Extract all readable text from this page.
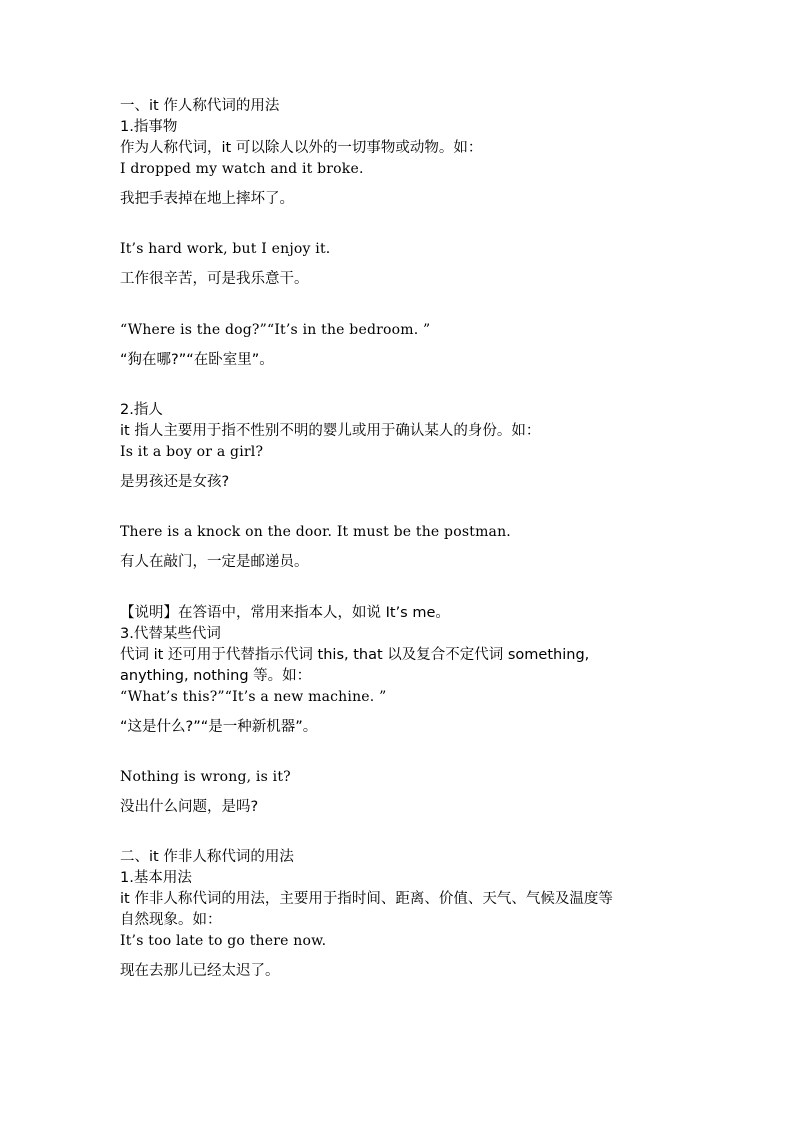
一、it 作人称代词的用法
1.指事物
作为人称代词，it 可以除人以外的一切事物或动物。如：
I dropped my watch and it broke.
我把手表掉在地上摔坏了。
It’s hard work, but I enjoy it.
工作很辛苦，可是我乐意干。
“Where is the dog?”“It’s in the bedroom. ”
“狗在哪?”“在卧室里”。
2.指人
it 指人主要用于指不性别不明的婴儿或用于确认某人的身份。如：
Is it a boy or a girl?
是男孩还是女孩?
There is a knock on the door. It must be the postman.
有人在敲门，一定是邮递员。
【说明】在答语中，常用来指本人，如说 It’s me。
3.代替某些代词
代词 it 还可用于代替指示代词 this, that 以及复合不定代词 something,
anything, nothing 等。如：
“What’s this?”“It’s a new machine. ”
“这是什么?”“是一种新机器”。
Nothing is wrong, is it?
没出什么问题，是吗?
二、it 作非人称代词的用法
1.基本用法
it 作非人称代词的用法，主要用于指时间、距离、价值、天气、气候及温度等
自然现象。如：
It’s too late to go there now.
现在去那儿已经太迟了。
